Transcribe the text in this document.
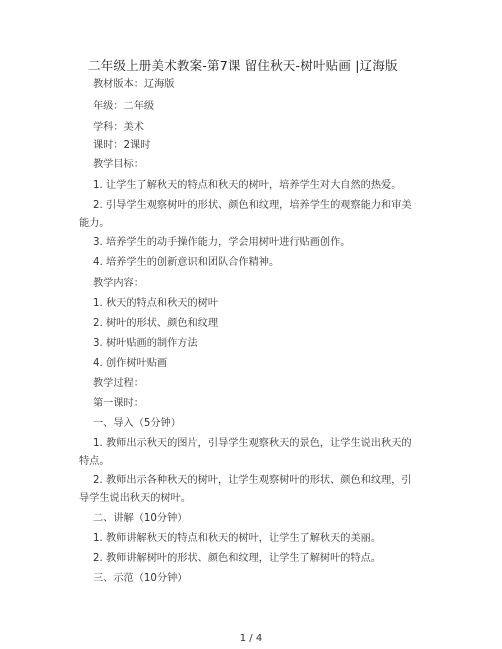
二年级上册美术教案-第7课 留住秋天-树叶贴画 |辽海版
教材版本：辽海版
年级：二年级
学科：美术
课时：2课时
教学目标：
1. 让学生了解秋天的特点和秋天的树叶，培养学生对大自然的热爱。
2. 引导学生观察树叶的形状、颜色和纹理，培养学生的观察能力和审美能力。
3. 培养学生的动手操作能力，学会用树叶进行贴画创作。
4. 培养学生的创新意识和团队合作精神。
教学内容：
1. 秋天的特点和秋天的树叶
2. 树叶的形状、颜色和纹理
3. 树叶贴画的制作方法
4. 创作树叶贴画
教学过程：
第一课时：
一、导入（5分钟）
1. 教师出示秋天的图片，引导学生观察秋天的景色，让学生说出秋天的特点。
2. 教师出示各种秋天的树叶，让学生观察树叶的形状、颜色和纹理，引导学生说出秋天的树叶。
二、讲解（10分钟）
1. 教师讲解秋天的特点和秋天的树叶，让学生了解秋天的美丽。
2. 教师讲解树叶的形状、颜色和纹理，让学生了解树叶的特点。
三、示范（10分钟）
1 / 4
